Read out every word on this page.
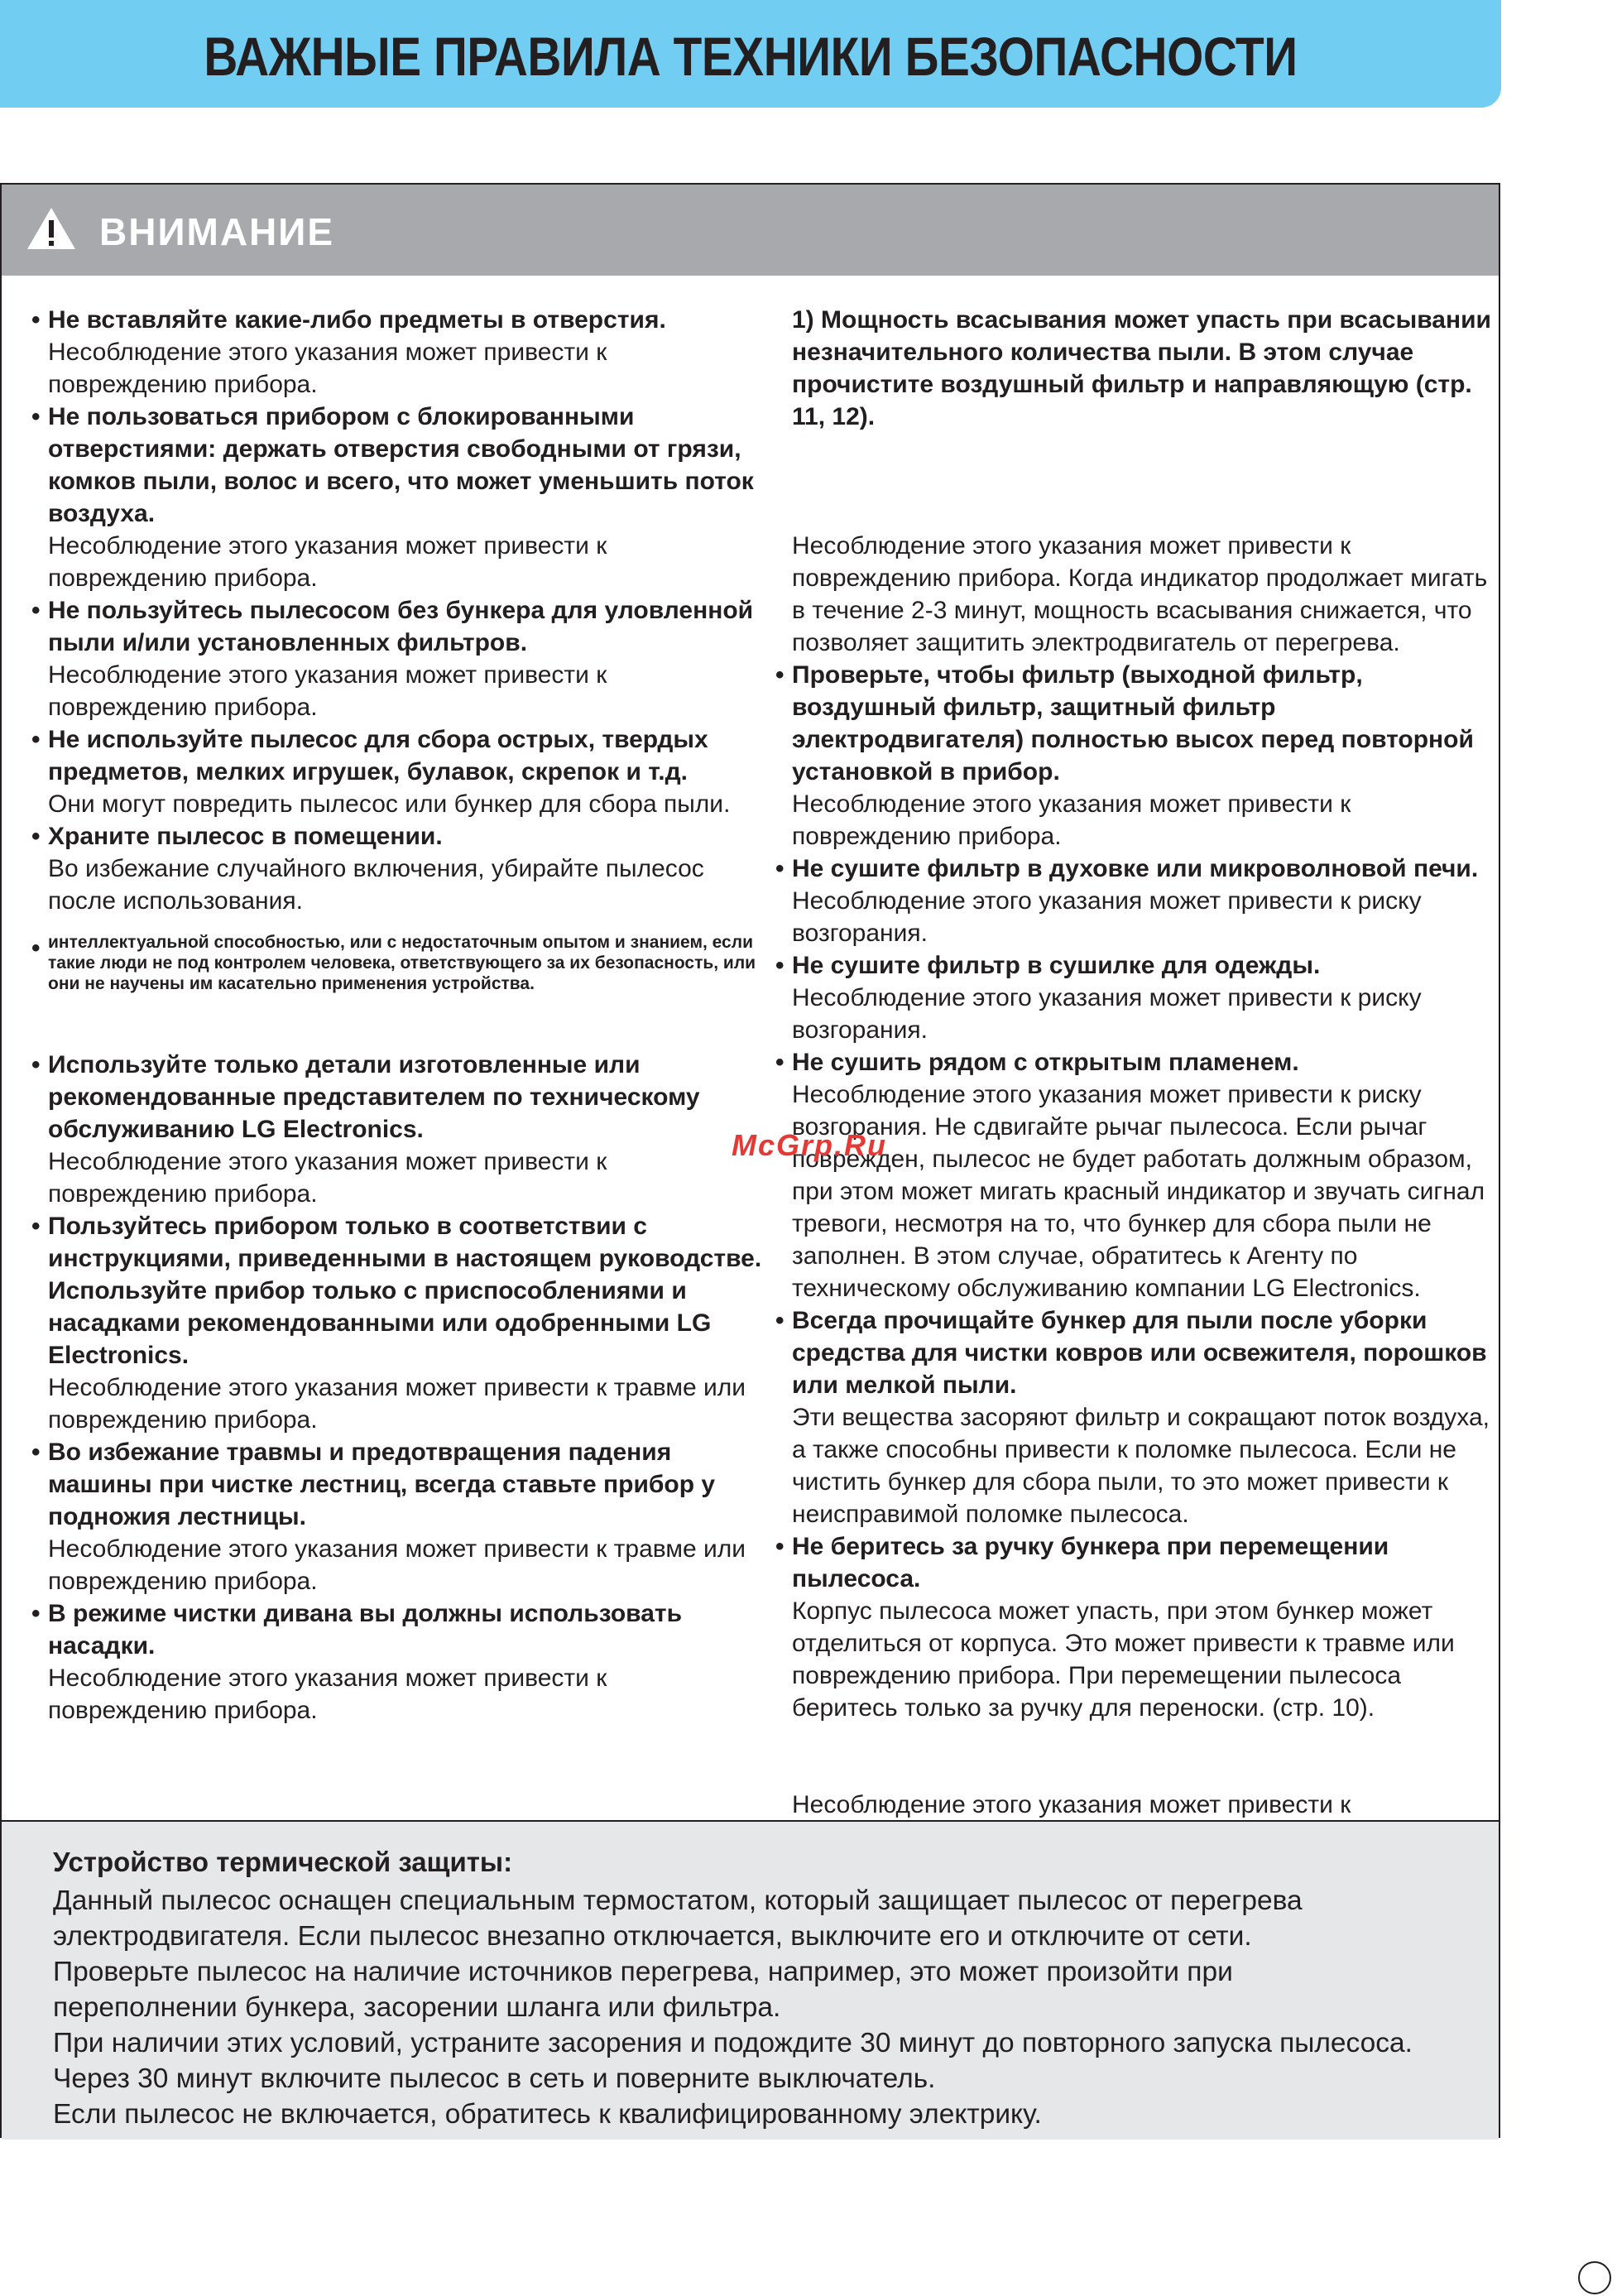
ВАЖНЫЕ ПРАВИЛА ТЕХНИКИ БЕЗОПАСНОСТИ
ВНИМАНИЕ
• Не вставляйте какие-либо предметы в отверстия.
Несоблюдение этого указания может привести к повреждению прибора.
• Не пользоваться прибором с блокированными отверстиями: держать отверстия свободными от грязи, комков пыли, волос и всего, что может уменьшить поток воздуха.
Несоблюдение этого указания может привести к повреждению прибора.
• Не пользуйтесь пылесосом без бункера для уловленной пыли и/или установленных фильтров.
Несоблюдение этого указания может привести к повреждению прибора.
• Не используйте пылесос для сбора острых, твердых предметов, мелких игрушек, булавок, скрепок и т.д.
Они могут повредить пылесос или бункер для сбора пыли.
• Храните пылесос в помещении.
Во избежание случайного включения, убирайте пылесос после использования.
• интеллектуальной способностью, или с недостаточным опытом и знанием, если такие люди не под контролем человека, ответствующего за их безопасность, или они не научены им касательно применения устройства.
• Используйте только детали изготовленные или рекомендованные представителем по техническому обслуживанию LG Electronics.
Несоблюдение этого указания может привести к повреждению прибора.
• Пользуйтесь прибором только в соответствии с инструкциями, приведенными в настоящем руководстве. Используйте прибор только с приспособлениями и насадками рекомендованными или одобренными LG Electronics.
Несоблюдение этого указания может привести к травме или повреждению прибора.
• Во избежание травмы и предотвращения падения машины при чистке лестниц, всегда ставьте прибор у подножия лестницы.
Несоблюдение этого указания может привести к травме или повреждению прибора.
• В режиме чистки дивана вы должны использовать насадки.
Несоблюдение этого указания может привести к повреждению прибора.
1) Мощность всасывания может упасть при всасывании незначительного количества пыли. В этом случае прочистите воздушный фильтр и направляющую (стр. 11, 12).
Несоблюдение этого указания может привести к повреждению прибора. Когда индикатор продолжает мигать в течение 2-3 минут, мощность всасывания снижается, что позволяет защитить электродвигатель от перегрева.
• Проверьте, чтобы фильтр (выходной фильтр, воздушный фильтр, защитный фильтр электродвигателя) полностью высох перед повторной установкой в прибор.
Несоблюдение этого указания может привести к повреждению прибора.
• Не сушите фильтр в духовке или микроволновой печи.
Несоблюдение этого указания может привести к риску возгорания.
• Не сушите фильтр в сушилке для одежды.
Несоблюдение этого указания может привести к риску возгорания.
• Не сушить рядом с открытым пламенем.
Несоблюдение этого указания может привести к риску возгорания. Не сдвигайте рычаг пылесоса. Если рычаг поврежден, пылесос не будет работать должным образом, при этом может мигать красный индикатор и звучать сигнал тревоги, несмотря на то, что бункер для сбора пыли не заполнен. В этом случае, обратитесь к Агенту по техническому обслуживанию компании LG Electronics.
• Всегда прочищайте бункер для пыли после уборки средства для чистки ковров или освежителя, порошков или мелкой пыли.
Эти вещества засоряют фильтр и сокращают поток воздуха, а также способны привести к поломке пылесоса. Если не чистить бункер для сбора пыли, то это может привести к неисправимой поломке пылесоса.
• Не беритесь за ручку бункера при перемещении пылесоса.
Корпус пылесоса может упасть, при этом бункер может отделиться от корпуса. Это может привести к травме или повреждению прибора. При перемещении пылесоса беритесь только за ручку для переноски. (стр. 10).
Несоблюдение этого указания может привести к
Устройство термической защиты:
Данный пылесос оснащен специальным термостатом, который защищает пылесос от перегрева
электродвигателя. Если пылесос внезапно отключается, выключите его и отключите от сети.
Проверьте пылесос на наличие источников перегрева, например, это может произойти при
переполнении бункера, засорении шланга или фильтра.
При наличии этих условий, устраните засорения и подождите 30 минут до повторного запуска пылесоса.
Через 30 минут включите пылесос в сеть и поверните выключатель.
Если пылесос не включается, обратитесь к квалифицированному электрику.
McGrp.Ru
